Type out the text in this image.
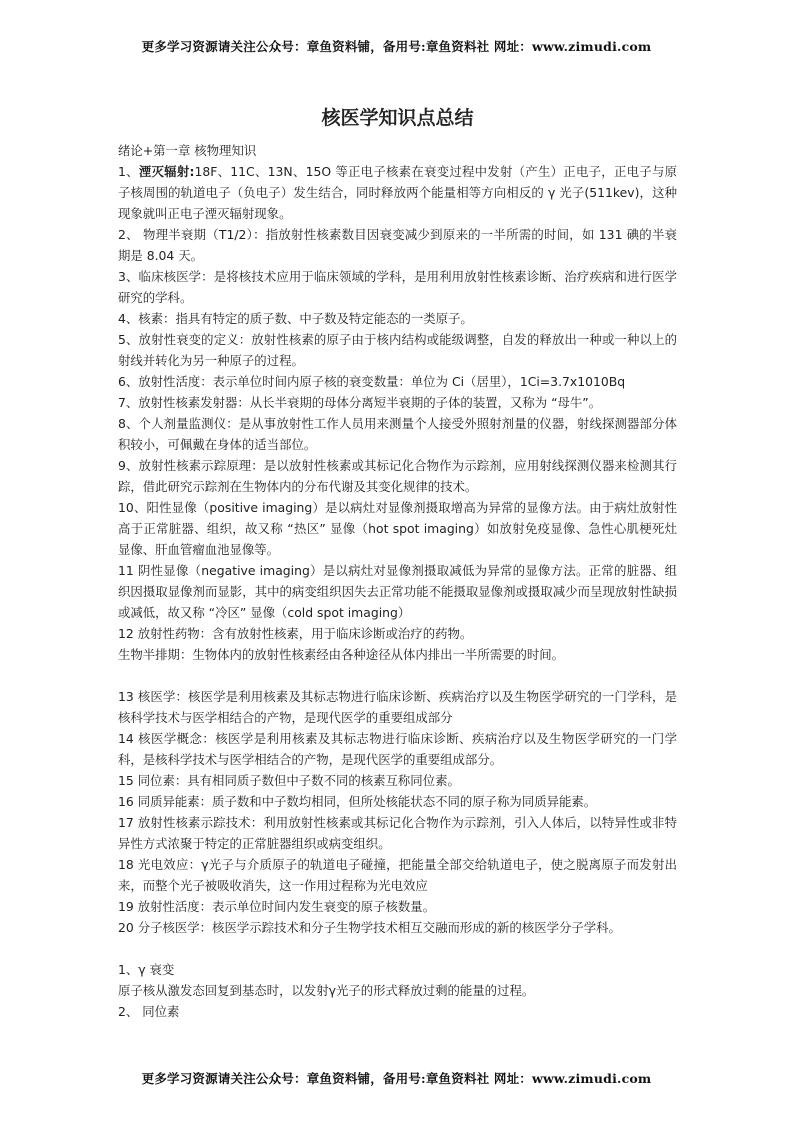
更多学习资源请关注公众号：章鱼资料铺，备用号:章鱼资料社 网址：www.zimudi.com
核医学知识点总结

绪论+第一章 核物理知识

1、湮灭辐射:18F、11C、13N、15O 等正电子核素在衰变过程中发射（产生）正电子，正电子与原子核周围的轨道电子（负电子）发生结合，同时释放两个能量相等方向相反的 γ 光子(511kev)，这种现象就叫正电子湮灭辐射现象。

2、 物理半衰期（T1/2）：指放射性核素数目因衰变减少到原来的一半所需的时间，如 131 碘的半衰期是 8.04 天。

3、临床核医学：是将核技术应用于临床领域的学科，是用利用放射性核素诊断、治疗疾病和进行医学研究的学科。

4、核素：指具有特定的质子数、中子数及特定能态的一类原子。

5、放射性衰变的定义：放射性核素的原子由于核内结构或能级调整，自发的释放出一种或一种以上的射线并转化为另一种原子的过程。

6、放射性活度：表示单位时间内原子核的衰变数量：单位为 Ci（居里），1Ci=3.7x1010Bq

7、放射性核素发射器：从长半衰期的母体分离短半衰期的子体的装置，又称为 “母牛”。

8、个人剂量监测仪：是从事放射性工作人员用来测量个人接受外照射剂量的仪器，射线探测器部分体积较小，可佩戴在身体的适当部位。

9、放射性核素示踪原理：是以放射性核素或其标记化合物作为示踪剂，应用射线探测仪器来检测其行踪，借此研究示踪剂在生物体内的分布代谢及其变化规律的技术。

10、阳性显像（positive imaging）是以病灶对显像剂摄取增高为异常的显像方法。由于病灶放射性高于正常脏器、组织，故又称 “热区” 显像（hot spot imaging）如放射免疫显像、急性心肌梗死灶显像、肝血管瘤血池显像等。

11 阴性显像（negative imaging）是以病灶对显像剂摄取减低为异常的显像方法。正常的脏器、组织因摄取显像剂而显影，其中的病变组织因失去正常功能不能摄取显像剂或摄取减少而呈现放射性缺损或减低，故又称 “冷区” 显像（cold spot imaging）

12 放射性药物：含有放射性核素，用于临床诊断或治疗的药物。

生物半排期：生物体内的放射性核素经由各种途径从体内排出一半所需要的时间。

13 核医学：核医学是利用核素及其标志物进行临床诊断、疾病治疗以及生物医学研究的一门学科，是核科学技术与医学相结合的产物，是现代医学的重要组成部分

14 核医学概念：核医学是利用核素及其标志物进行临床诊断、疾病治疗以及生物医学研究的一门学科，是核科学技术与医学相结合的产物，是现代医学的重要组成部分。

15 同位素：具有相同质子数但中子数不同的核素互称同位素。

16 同质异能素：质子数和中子数均相同，但所处核能状态不同的原子称为同质异能素。

17 放射性核素示踪技术：利用放射性核素或其标记化合物作为示踪剂，引入人体后，以特异性或非特异性方式浓聚于特定的正常脏器组织或病变组织。

18 光电效应：γ光子与介质原子的轨道电子碰撞，把能量全部交给轨道电子，使之脱离原子而发射出来，而整个光子被吸收消失，这一作用过程称为光电效应

19 放射性活度：表示单位时间内发生衰变的原子核数量。

20 分子核医学：核医学示踪技术和分子生物学技术相互交融而形成的新的核医学分子学科。

1、γ 衰变

原子核从激发态回复到基态时，以发射γ光子的形式释放过剩的能量的过程。

2、 同位素

更多学习资源请关注公众号：章鱼资料铺，备用号:章鱼资料社 网址：www.zimudi.com
